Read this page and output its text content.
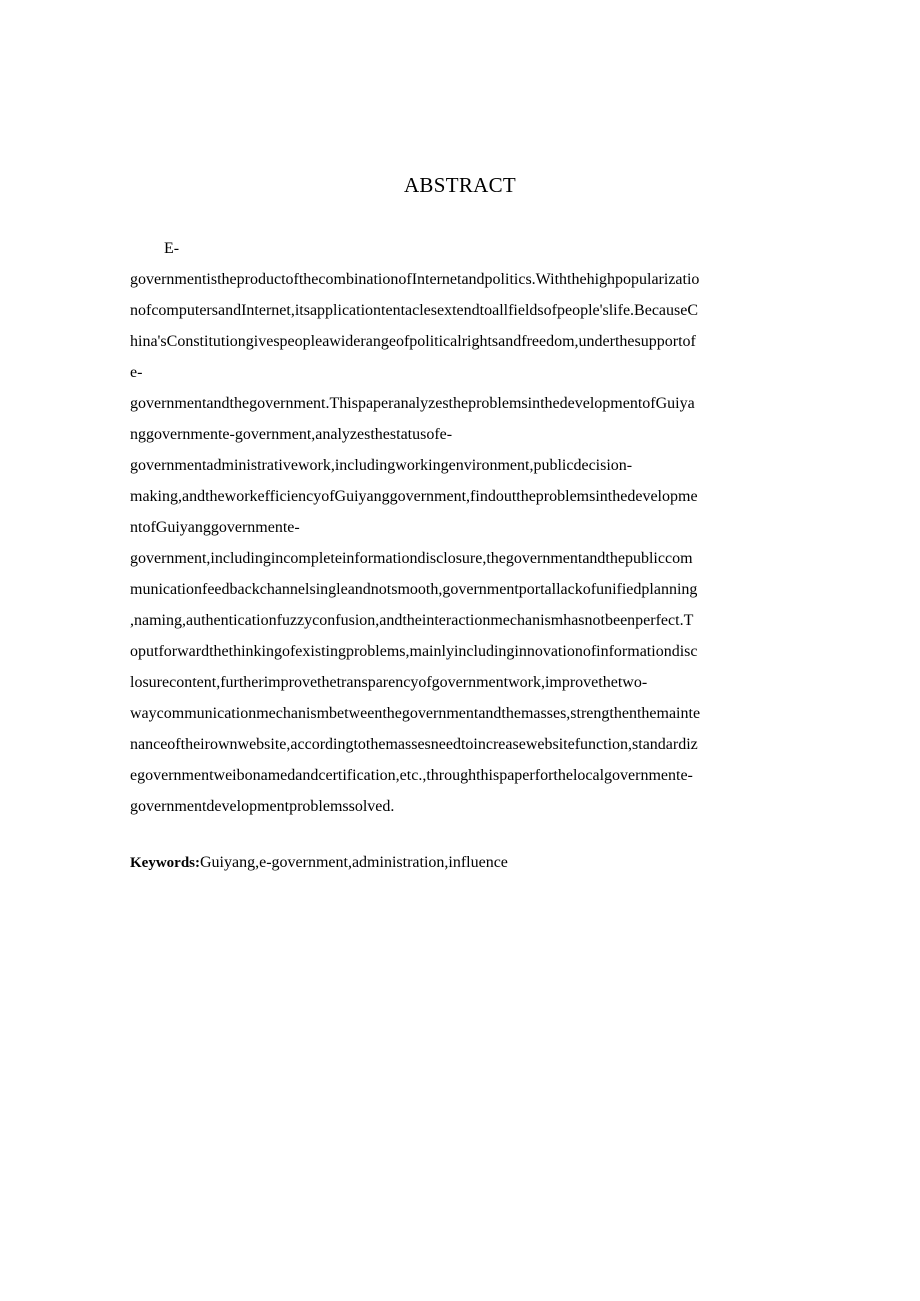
ABSTRACT
E-
governmentistheproductofthecombinationofInternetandpolitics.Withthehighpopularizatio
nofcomputersandInternet,itsapplicationtentaclesextendtoallfieldsofpeople'slife.BecauseC
hina'sConstitutiongivespeopleawiderangeofpoliticalrightsandfreedom,underthesupportof
e-
governmentandthegovernment.ThispaperanalyzestheproblemsinthedevelopmentofGuiya
nggovernmente-government,analyzesthestatusofe-
governmentadministrativework,includingworkingenvironment,publicdecision-
making,andtheworkefficiencyofGuiyanggovernment,findouttheproblemsinthedevelopme
ntofGuiyanggovernmente-
government,includingincompleteinformationdisclosure,thegovernmentandthepubliccom
municationfeedbackchannelsingleandnotsmooth,governmentportallackofunifiedplanning
,naming,authenticationfuzzyconfusion,andtheinteractionmechanismhasnotbeenperfect.T
oputforwardthethinkingofexistingproblems,mainlyincludinginnovationofinformationdisc
losurecontent,furtherimprovethetransparencyofgovernmentwork,improvethetwo-
waycommunicationmechanismbetweenthegovernmentandthemasses,strengthenthemainte
nanceoftheirownwebsite,accordingtothemassesneedtoincreasewebsitefunction,standardiz
egovernmentweibonamedandcertification,etc.,throughthispaperforthelocalgovernmente-
governmentdevelopmentproblemssolved.
Keywords:Guiyang,e-government,administration,influence
